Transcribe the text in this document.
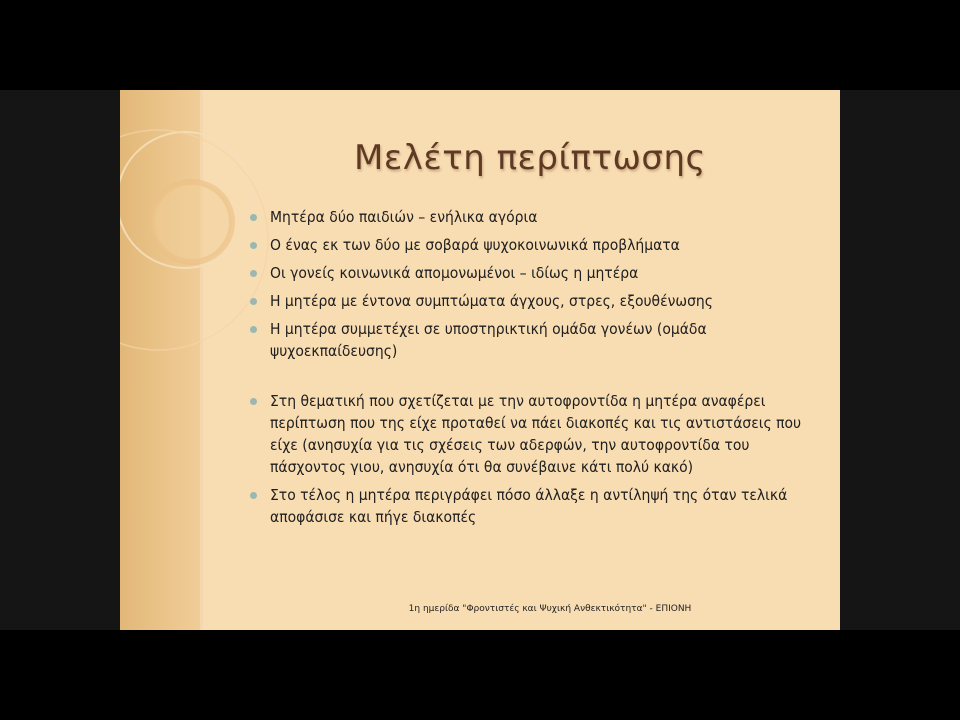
Μελέτη περίπτωσης
Μητέρα δύο παιδιών – ενήλικα αγόρια
Ο ένας εκ των δύο με σοβαρά ψυχοκοινωνικά προβλήματα
Οι γονείς κοινωνικά απομονωμένοι – ιδίως η μητέρα
Η μητέρα με έντονα συμπτώματα άγχους, στρες, εξουθένωσης
Η μητέρα συμμετέχει σε υποστηρικτική ομάδα γονέων (ομάδα ψυχοεκπαίδευσης)
Στη θεματική που σχετίζεται με την αυτοφροντίδα η μητέρα αναφέρει περίπτωση που της είχε προταθεί να πάει διακοπές και τις αντιστάσεις που είχε (ανησυχία για τις σχέσεις των αδερφών, την αυτοφροντίδα του πάσχοντος γιου, ανησυχία ότι θα συνέβαινε κάτι πολύ κακό)
Στο τέλος η μητέρα περιγράφει πόσο άλλαξε η αντίληψή της όταν τελικά αποφάσισε και πήγε διακοπές
1η ημερίδα "Φροντιστές και Ψυχική Ανθεκτικότητα" - ΕΠΙΟΝΗ
